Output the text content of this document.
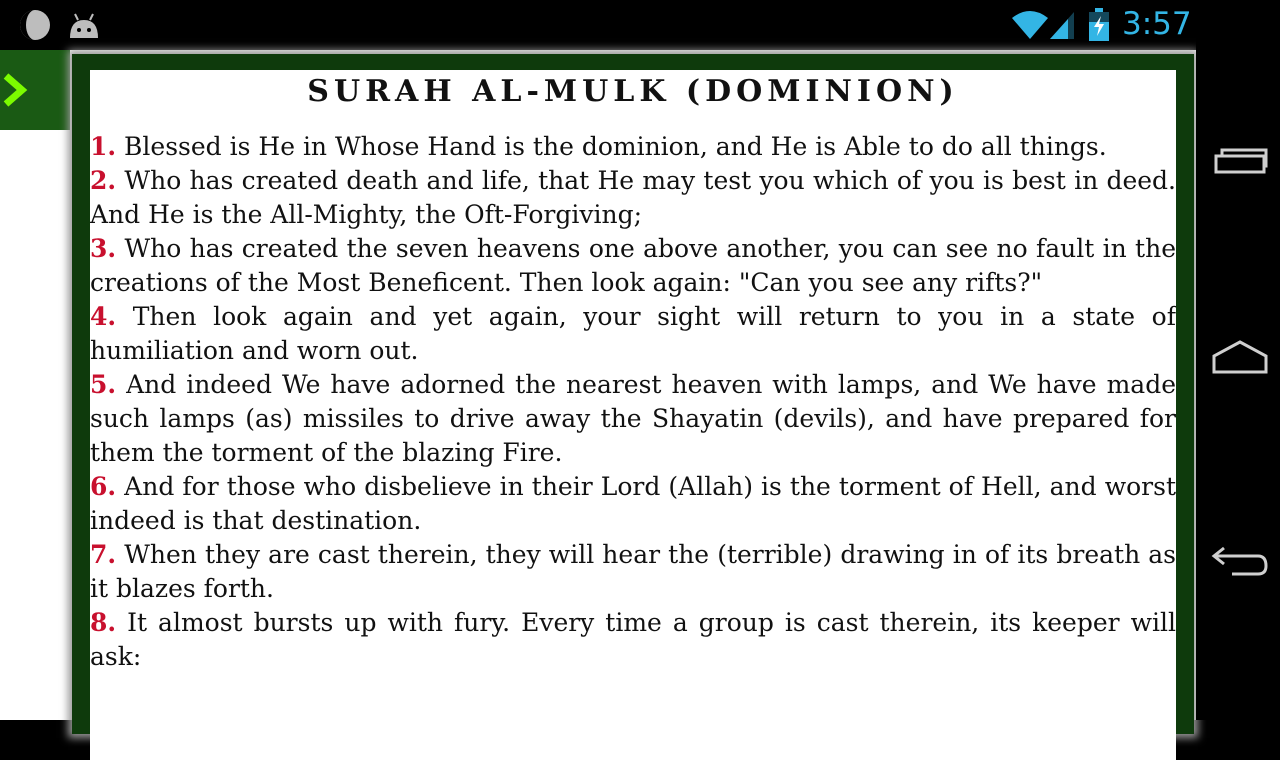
3:57
SURAH AL-MULK (DOMINION)

1. Blessed is He in Whose Hand is the dominion, and He is Able to do all things.

2. Who has created death and life, that He may test you which of you is best in deed. And He is the All-Mighty, the Oft-Forgiving;

3. Who has created the seven heavens one above another, you can see no fault in the creations of the Most Beneficent. Then look again: "Can you see any rifts?"

4. Then look again and yet again, your sight will return to you in a state of humiliation and worn out.

5. And indeed We have adorned the nearest heaven with lamps, and We have made such lamps (as) missiles to drive away the Shayatin (devils), and have prepared for them the torment of the blazing Fire.

6. And for those who disbelieve in their Lord (Allah) is the torment of Hell, and worst indeed is that destination.

7. When they are cast therein, they will hear the (terrible) drawing in of its breath as it blazes forth.

8. It almost bursts up with fury. Every time a group is cast therein, its keeper will ask:
